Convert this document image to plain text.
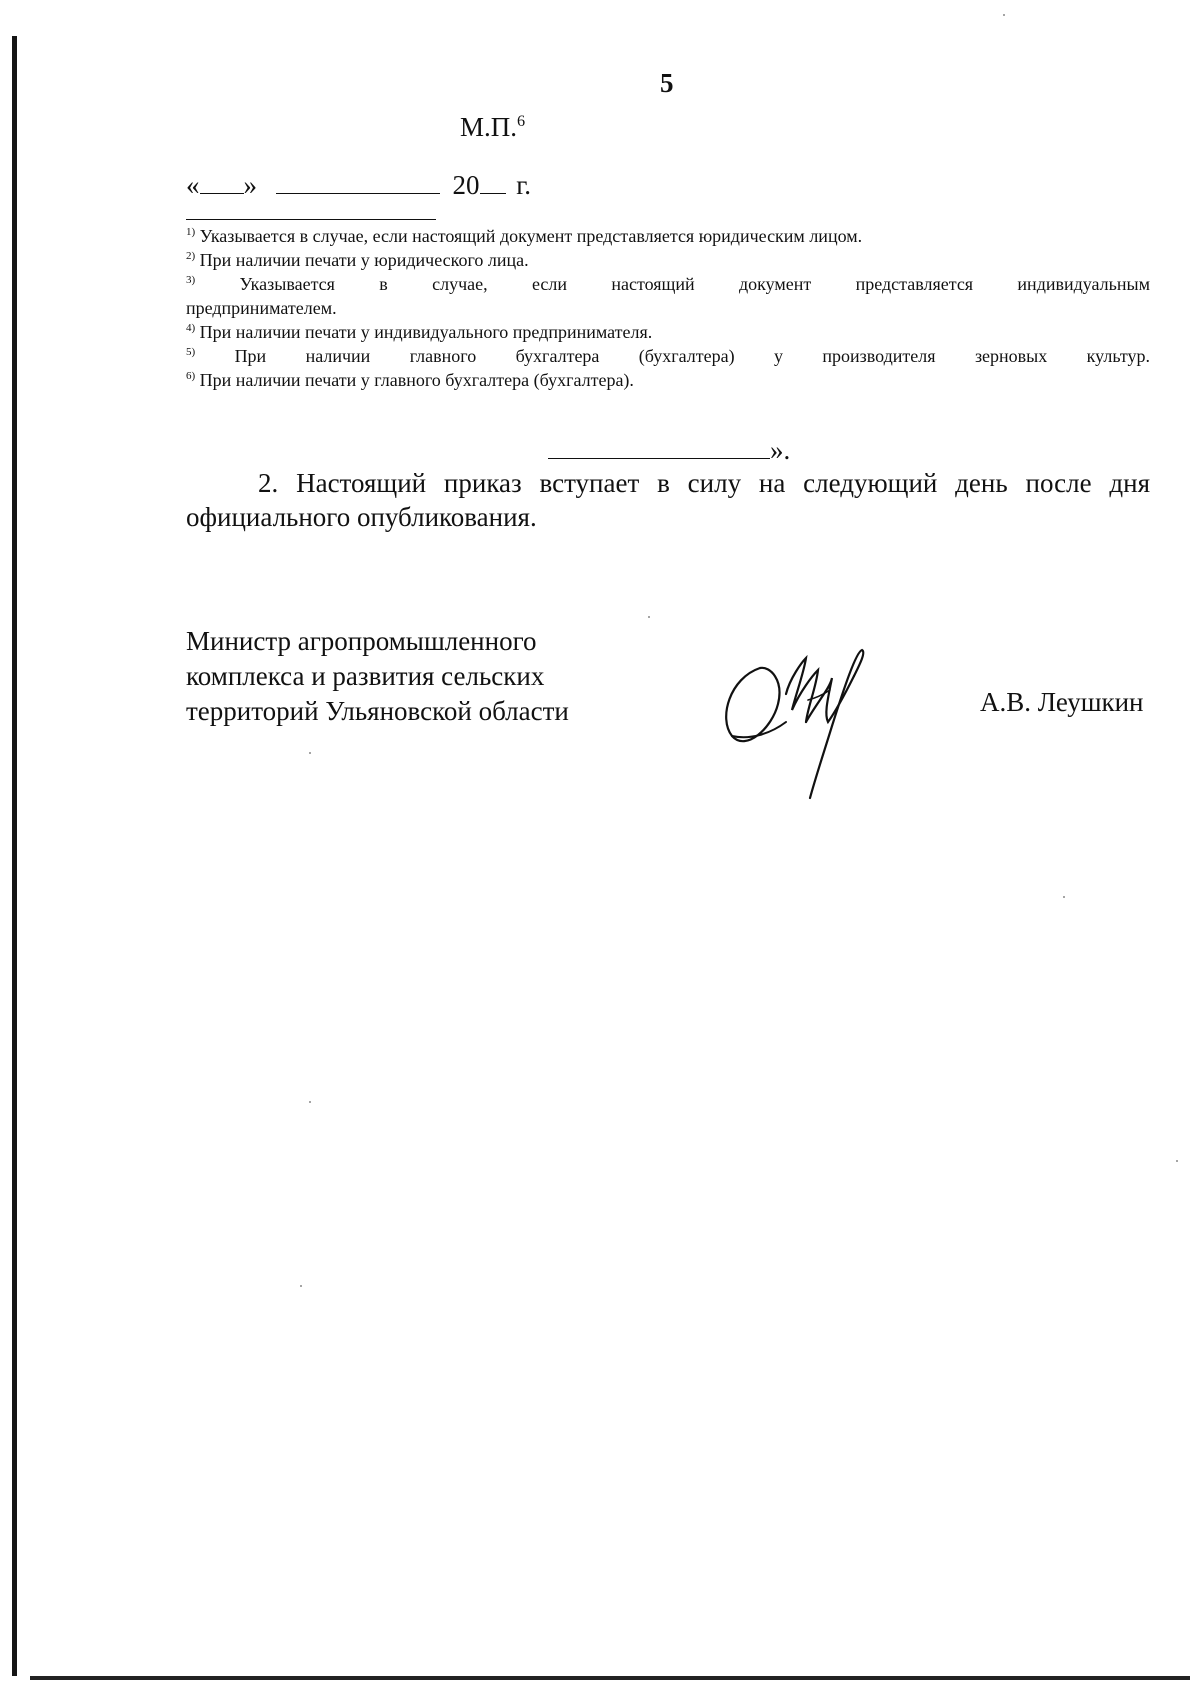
5
М.П.$^6$
« »	20 г.

$^{1)}$ Указывается в случае, если настоящий документ представляется юридическим лицом.

$^{2)}$ При наличии печати у юридического лица.

$^{3)}$ Указывается в случае, если настоящий документ представляется индивидуальным

предпринимателем.

$^{4)}$ При наличии печати у индивидуального предпринимателя.

$^{5)}$ При наличии главного бухгалтера (бухгалтера) у производителя зерновых культур.

$^{6)}$ При наличии печати у главного бухгалтера (бухгалтера).

».
2. Настоящий приказ вступает в силу на следующий день после дня официального опубликования.
Министр агропромышленного
комплекса и развития сельских
территорий Ульяновской области	А.В. Леушкин
